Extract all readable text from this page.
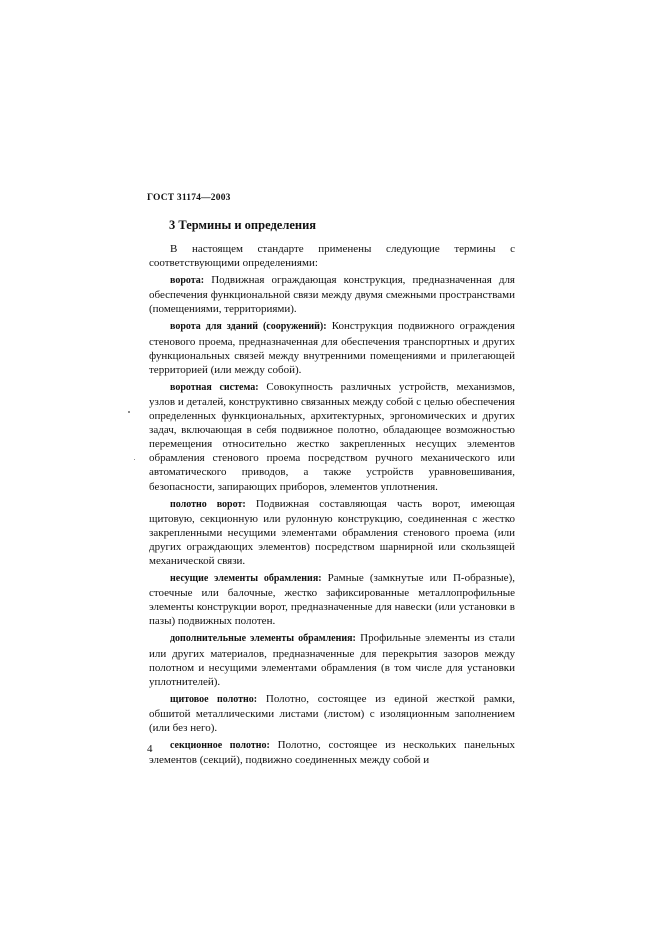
ГОСТ 31174—2003
3 Термины и определения

В настоящем стандарте применены следующие термины с соответствующими определениями:

ворота: Подвижная ограждающая конструкция, предназначенная для обеспечения функциональной связи между двумя смежными пространствами (помещениями, территориями).

ворота для зданий (сооружений): Конструкция подвижного ограждения стенового проема, предназначенная для обеспечения транспортных и других функциональных связей между внутренними помещениями и прилегающей территорией (или между собой).

воротная система: Совокупность различных устройств, механизмов, узлов и деталей, конструктивно связанных между собой с целью обеспечения определенных функциональных, архитектурных, эргономических и других задач, включающая в себя подвижное полотно, обладающее возможностью перемещения относительно жестко закрепленных несущих элементов обрамления стенового проема посредством ручного механического или автоматического приводов, а также устройств уравновешивания, безопасности, запирающих приборов, элементов уплотнения.

полотно ворот: Подвижная составляющая часть ворот, имеющая щитовую, секционную или рулонную конструкцию, соединенная с жестко закрепленными несущими элементами обрамления стенового проема (или других ограждающих элементов) посредством шарнирной или скользящей механической связи.

несущие элементы обрамления: Рамные (замкнутые или П-образные), стоечные или балочные, жестко зафиксированные металлопрофильные элементы конструкции ворот, предназначенные для навески (или установки в пазы) подвижных полотен.

дополнительные элементы обрамления: Профильные элементы из стали или других материалов, предназначенные для перекрытия зазоров между полотном и несущими элементами обрамления (в том числе для установки уплотнителей).

щитовое полотно: Полотно, состоящее из единой жесткой рамки, обшитой металлическими листами (листом) с изоляционным заполнением (или без него).

секционное полотно: Полотно, состоящее из нескольких панельных элементов (секций), подвижно соединенных между собой и

4
